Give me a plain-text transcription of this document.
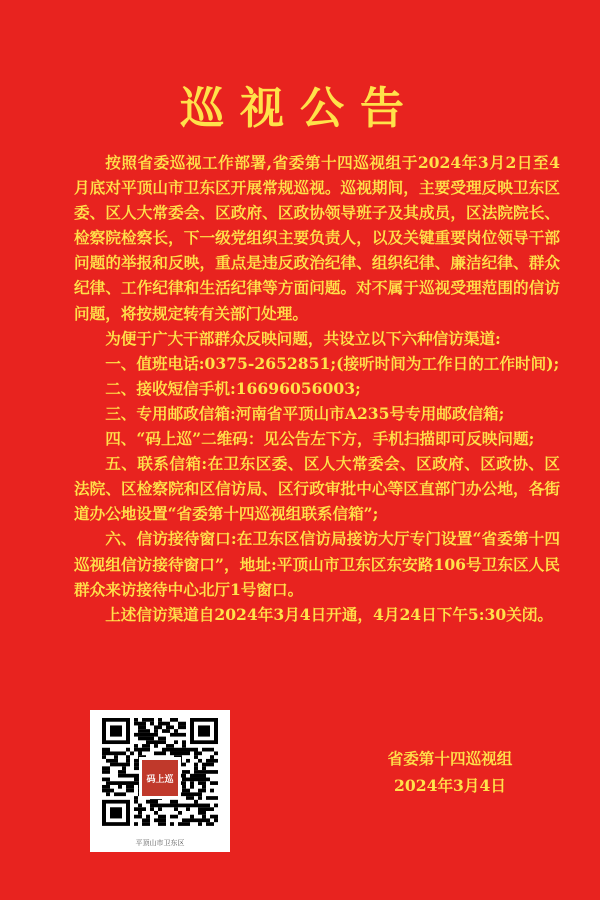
巡视公告

按照省委巡视工作部署,省委第十四巡视组于2024年3月2日至4月底对平顶山市卫东区开展常规巡视。巡视期间，主要受理反映卫东区委、区人大常委会、区政府、区政协领导班子及其成员，区法院院长、检察院检察长，下一级党组织主要负责人，以及关键重要岗位领导干部问题的举报和反映，重点是违反政治纪律、组织纪律、廉洁纪律、群众纪律、工作纪律和生活纪律等方面问题。对不属于巡视受理范围的信访问题，将按规定转有关部门处理。

为便于广大干部群众反映问题，共设立以下六种信访渠道:

一、值班电话:0375-2652851;(接听时间为工作日的工作时间);

二、接收短信手机:16696056003;

三、专用邮政信箱:河南省平顶山市A235号专用邮政信箱;

四、“码上巡”二维码：见公告左下方，手机扫描即可反映问题;

五、联系信箱:在卫东区委、区人大常委会、区政府、区政协、区法院、区检察院和区信访局、区行政审批中心等区直部门办公地，各街道办公地设置“省委第十四巡视组联系信箱”;

六、信访接待窗口:在卫东区信访局接访大厅专门设置“省委第十四巡视组信访接待窗口”，地址:平顶山市卫东区东安路106号卫东区人民群众来访接待中心北厅1号窗口。

上述信访渠道自2024年3月4日开通，4月24日下午5:30关闭。

码上巡
平顶山市卫东区
省委第十四巡视组
2024年3月4日
